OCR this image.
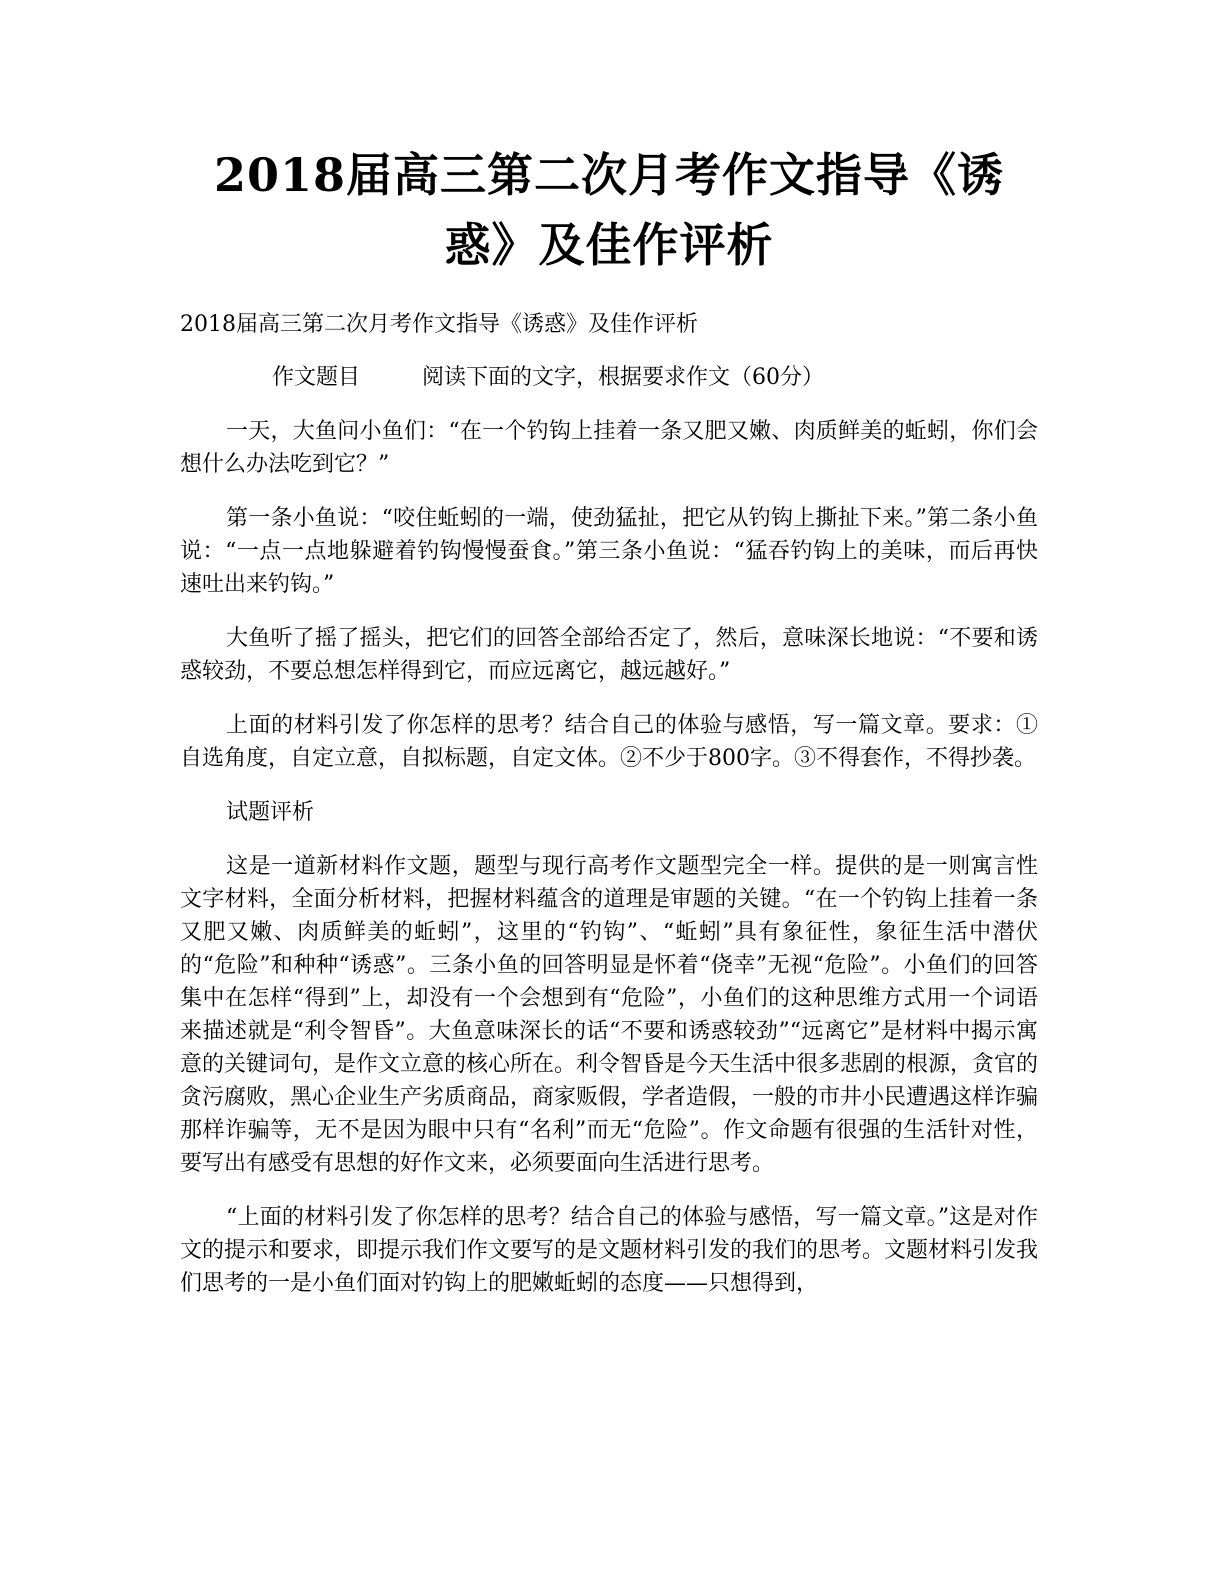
2018届高三第二次月考作文指导《诱惑》及佳作评析

2018届高三第二次月考作文指导《诱惑》及佳作评析

作文题目	阅读下面的文字，根据要求作文（60分）

一天，大鱼问小鱼们：“在一个钓钩上挂着一条又肥又嫩、肉质鲜美的蚯蚓，你们会想什么办法吃到它？”

第一条小鱼说：“咬住蚯蚓的一端，使劲猛扯，把它从钓钩上撕扯下来。”第二条小鱼说：“一点一点地躲避着钓钩慢慢蚕食。”第三条小鱼说：“猛吞钓钩上的美味，而后再快速吐出来钓钩。”

大鱼听了摇了摇头，把它们的回答全部给否定了，然后，意味深长地说：“不要和诱惑较劲，不要总想怎样得到它，而应远离它，越远越好。”

上面的材料引发了你怎样的思考？结合自己的体验与感悟，写一篇文章。要求：①自选角度，自定立意，自拟标题，自定文体。②不少于800字。③不得套作，不得抄袭。

试题评析

这是一道新材料作文题，题型与现行高考作文题型完全一样。提供的是一则寓言性文字材料，全面分析材料，把握材料蕴含的道理是审题的关键。“在一个钓钩上挂着一条又肥又嫩、肉质鲜美的蚯蚓”，这里的“钓钩”、“蚯蚓”具有象征性，象征生活中潜伏的“危险”和种种“诱惑”。三条小鱼的回答明显是怀着“侥幸”无视“危险”。小鱼们的回答集中在怎样“得到”上，却没有一个会想到有“危险”，小鱼们的这种思维方式用一个词语来描述就是“利令智昏”。大鱼意味深长的话“不要和诱惑较劲”“远离它”是材料中揭示寓意的关键词句，是作文立意的核心所在。利令智昏是今天生活中很多悲剧的根源，贪官的贪污腐败，黑心企业生产劣质商品，商家贩假，学者造假，一般的市井小民遭遇这样诈骗那样诈骗等，无不是因为眼中只有“名利”而无“危险”。作文命题有很强的生活针对性，要写出有感受有思想的好作文来，必须要面向生活进行思考。

“上面的材料引发了你怎样的思考？结合自己的体验与感悟，写一篇文章。”这是对作文的提示和要求，即提示我们作文要写的是文题材料引发的我们的思考。文题材料引发我们思考的一是小鱼们面对钓钩上的肥嫩蚯蚓的态度——只想得到，
